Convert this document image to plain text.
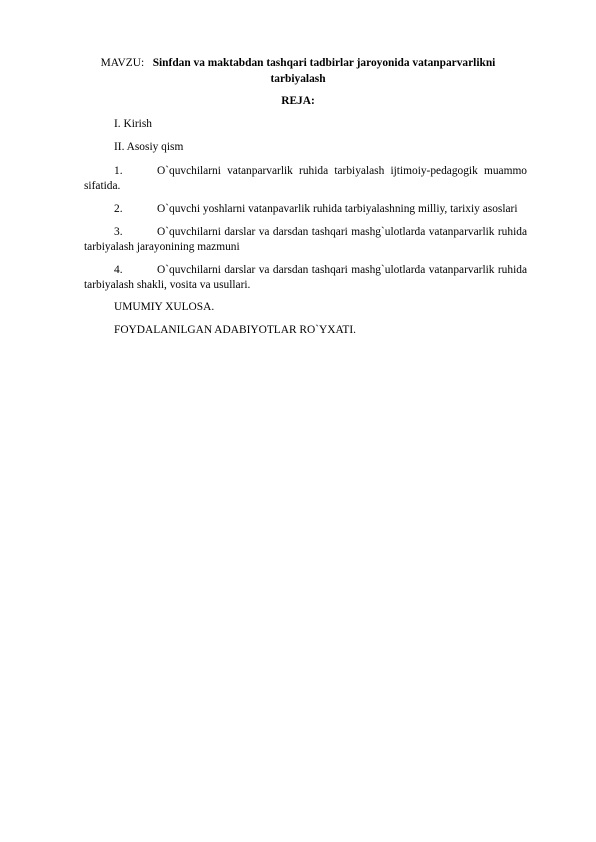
MAVZU: Sinfdan va maktabdan tashqari tadbirlar jaroyonida vatanparvarlikni
tarbiyalash
REJA:
I. Kirish
II. Asosiy qism
1.	O`quvchilarni vatanparvarlik ruhida tarbiyalash ijtimoiy-pedagogik muammo
sifatida.
2.	O`quvchi yoshlarni vatanpavarlik ruhida tarbiyalashning milliy, tarixiy asoslari
3.	O`quvchilarni darslar va darsdan tashqari mashg`ulotlarda vatanparvarlik ruhida
tarbiyalash jarayonining mazmuni
4.	O`quvchilarni darslar va darsdan tashqari mashg`ulotlarda vatanparvarlik ruhida
tarbiyalash shakli, vosita va usullari.
UMUMIY XULOSA.
FOYDALANILGAN ADABIYOTLAR RO`YXATI.
